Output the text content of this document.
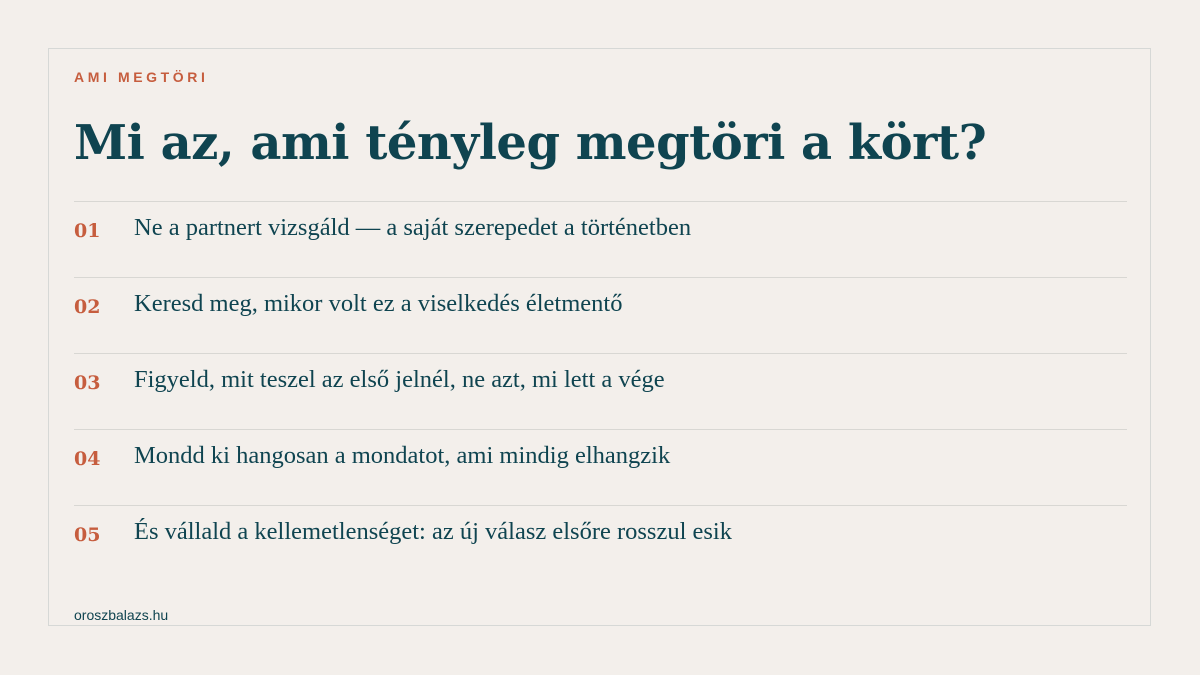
AMI MEGTÖRI
Mi az, ami tényleg megtöri a kört?
01 Ne a partnert vizsgáld — a saját szerepedet a történetben
02 Keresd meg, mikor volt ez a viselkedés életmentő
03 Figyeld, mit teszel az első jelnél, ne azt, mi lett a vége
04 Mondd ki hangosan a mondatot, ami mindig elhangzik
05 És vállald a kellemetlenséget: az új válasz elsőre rosszul esik
oroszbalazs.hu
